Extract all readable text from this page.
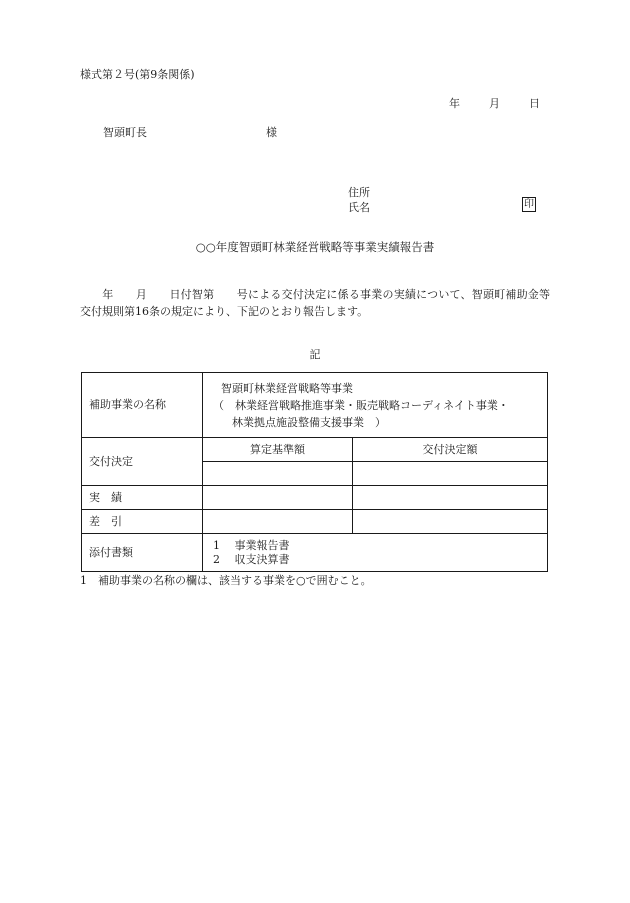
様式第２号(第9条関係)
年	月	日
智頭町長	様
住所
氏名	印
○○年度智頭町林業経営戦略等事業実績報告書
年　　月　　日付智第　　号による交付決定に係る事業の実績について、智頭町補助金等交付規則第16条の規定により、下記のとおり報告します。
記
補助事業の名称	智頭町林業経営戦略等事業
（　林業経営戦略推進事業・販売戦略コーディネイト事業・
林業拠点施設整備支援事業　）	

交付決定	算定基準額	交付決定額

実　績		
差　引		
添付書類	1　 事業報告書
2　 収支決算書	
1　補助事業の名称の欄は、該当する事業を○で囲むこと。
